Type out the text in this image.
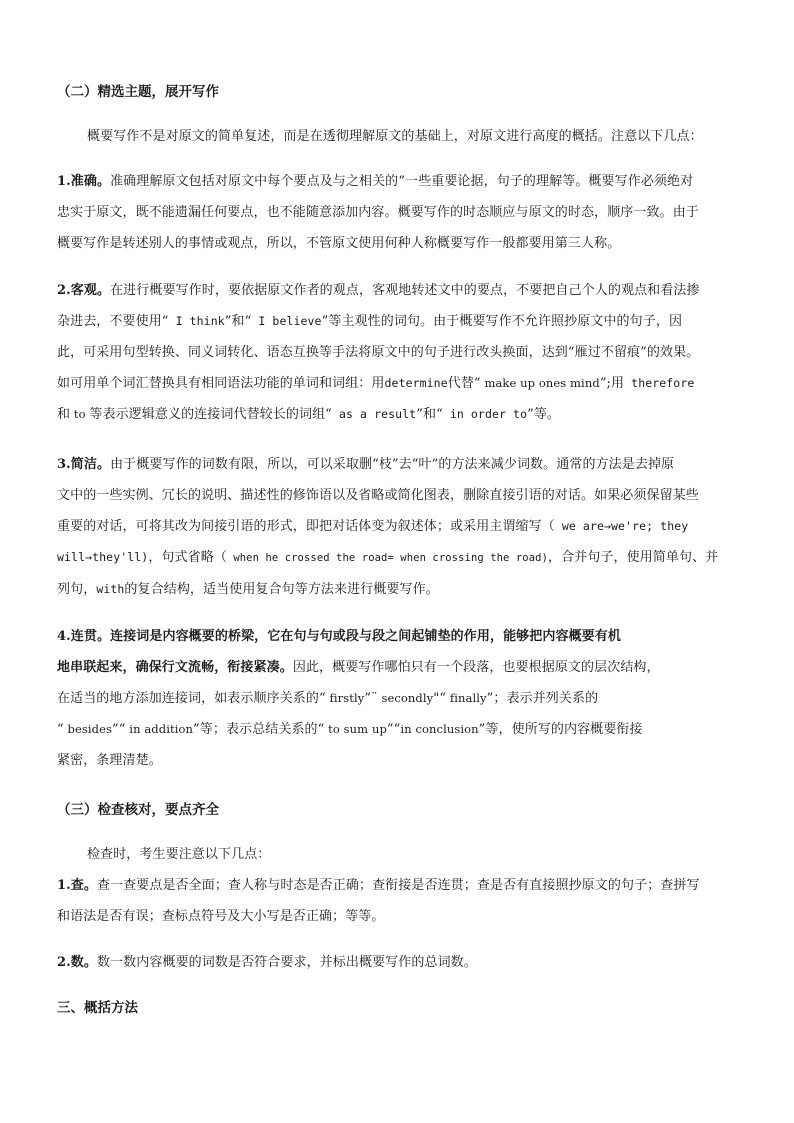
（二）精选主题，展开写作
概要写作不是对原文的简单复述，而是在透彻理解原文的基础上，对原文进行高度的概括。注意以下几点：
1.准确。准确理解原文包括对原文中每个要点及与之相关的“一些重要论据，句子的理解等。概要写作必须绝对
忠实于原文，既不能遗漏任何要点，也不能随意添加内容。概要写作的时态顺应与原文的时态，顺序一致。由于
概要写作是转述别人的事情或观点，所以，不管原文使用何种人称概要写作一般都要用第三人称。
2.客观。在进行概要写作时，要依据原文作者的观点，客观地转述文中的要点，不要把自己个人的观点和看法掺
杂进去，不要使用“ I think”和“ I believe”等主观性的词句。由于概要写作不允许照抄原文中的句子，因
此，可采用句型转换、同义词转化、语态互换等手法将原文中的句子进行改头换面，达到“雁过不留痕”的效果。
如可用单个词汇替换具有相同语法功能的单词和词组：用determine代替“ make up ones mind”;用 therefore
和 to 等表示逻辑意义的连接词代替较长的词组“ as a result”和“ in order to”等。
3.简洁。由于概要写作的词数有限，所以，可以采取删“枝”去“叶”的方法来减少词数。通常的方法是去掉原
文中的一些实例、冗长的说明、描述性的修饰语以及省略或简化图表，删除直接引语的对话。如果必须保留某些
重要的对话，可将其改为间接引语的形式，即把对话体变为叙述体；或采用主谓缩写（ we are→we're; they
will→they'll)，句式省略（ when he crossed the road= when crossing the road)，合并句子，使用简单句、并
列句，with的复合结构，适当使用复合句等方法来进行概要写作。
4.连贯。连接词是内容概要的桥梁，它在句与句或段与段之间起铺垫的作用，能够把内容概要有机
地串联起来，确保行文流畅，衔接紧凑。因此，概要写作哪怕只有一个段落，也要根据原文的层次结构，
在适当的地方添加连接词，如表示顺序关系的“ firstly”¨ secondly"“ finally”；表示并列关系的
“ besides”“ in addition”等；表示总结关系的“ to sum up”“in conclusion”等，使所写的内容概要衔接
紧密，条理清楚。
（三）检查核对，要点齐全
检查时，考生要注意以下几点：
1.查。查一查要点是否全面；查人称与时态是否正确；查衔接是否连贯；查是否有直接照抄原文的句子；查拼写
和语法是否有误；查标点符号及大小写是否正确；等等。
2.数。数一数内容概要的词数是否符合要求，并标出概要写作的总词数。
三、概括方法
